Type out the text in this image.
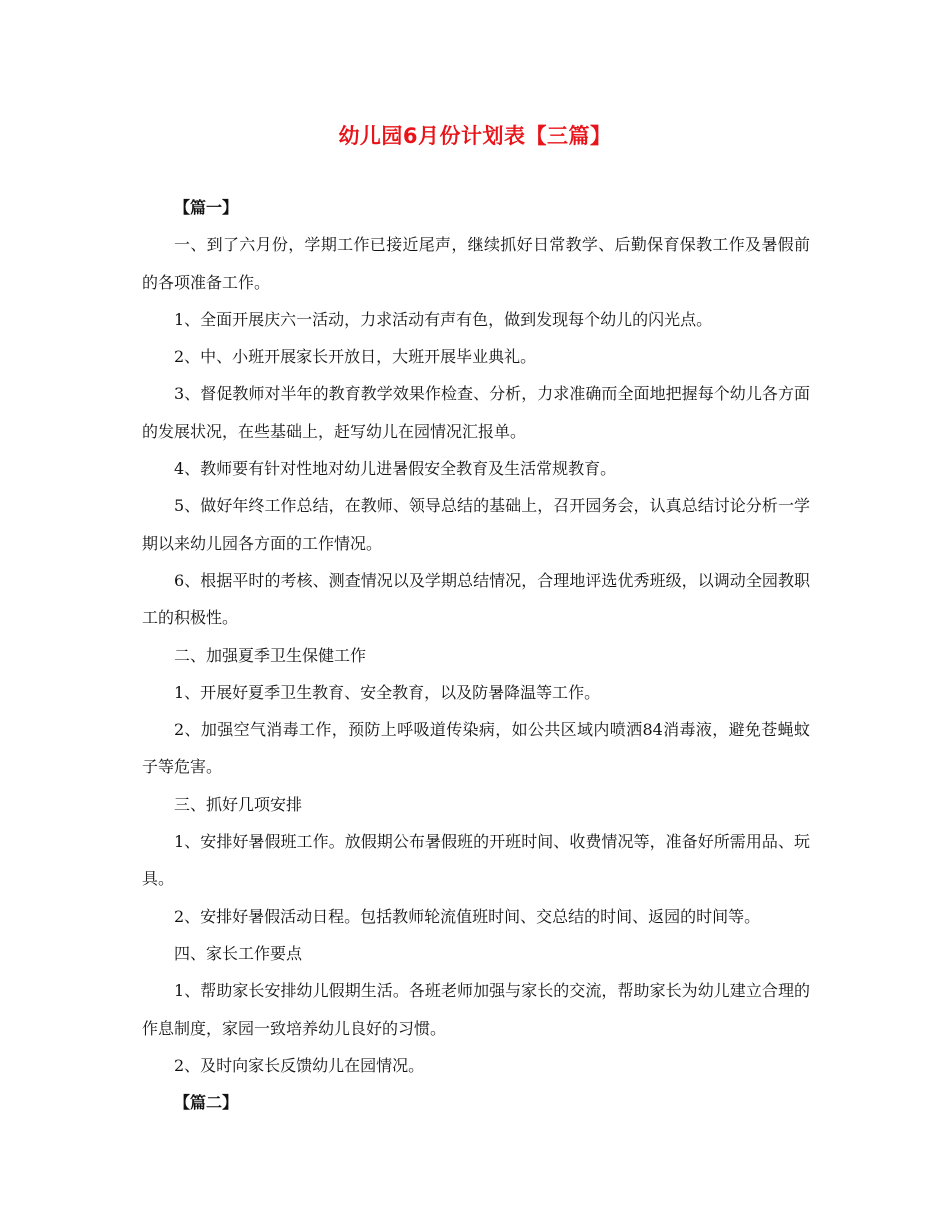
幼儿园6月份计划表【三篇】

【篇一】

一、到了六月份，学期工作已接近尾声，继续抓好日常教学、后勤保育保教工作及暑假前的各项准备工作。

1、全面开展庆六一活动，力求活动有声有色，做到发现每个幼儿的闪光点。

2、中、小班开展家长开放日，大班开展毕业典礼。

3、督促教师对半年的教育教学效果作检查、分析，力求准确而全面地把握每个幼儿各方面的发展状况，在些基础上，赶写幼儿在园情况汇报单。

4、教师要有针对性地对幼儿进暑假安全教育及生活常规教育。

5、做好年终工作总结，在教师、领导总结的基础上，召开园务会，认真总结讨论分析一学期以来幼儿园各方面的工作情况。

6、根据平时的考核、测查情况以及学期总结情况，合理地评选优秀班级，以调动全园教职工的积极性。

二、加强夏季卫生保健工作

1、开展好夏季卫生教育、安全教育，以及防暑降温等工作。

2、加强空气消毒工作，预防上呼吸道传染病，如公共区域内喷洒84消毒液，避免苍蝇蚊子等危害。

三、抓好几项安排

1、安排好暑假班工作。放假期公布暑假班的开班时间、收费情况等，准备好所需用品、玩具。

2、安排好暑假活动日程。包括教师轮流值班时间、交总结的时间、返园的时间等。

四、家长工作要点

1、帮助家长安排幼儿假期生活。各班老师加强与家长的交流，帮助家长为幼儿建立合理的作息制度，家园一致培养幼儿良好的习惯。

2、及时向家长反馈幼儿在园情况。

【篇二】
